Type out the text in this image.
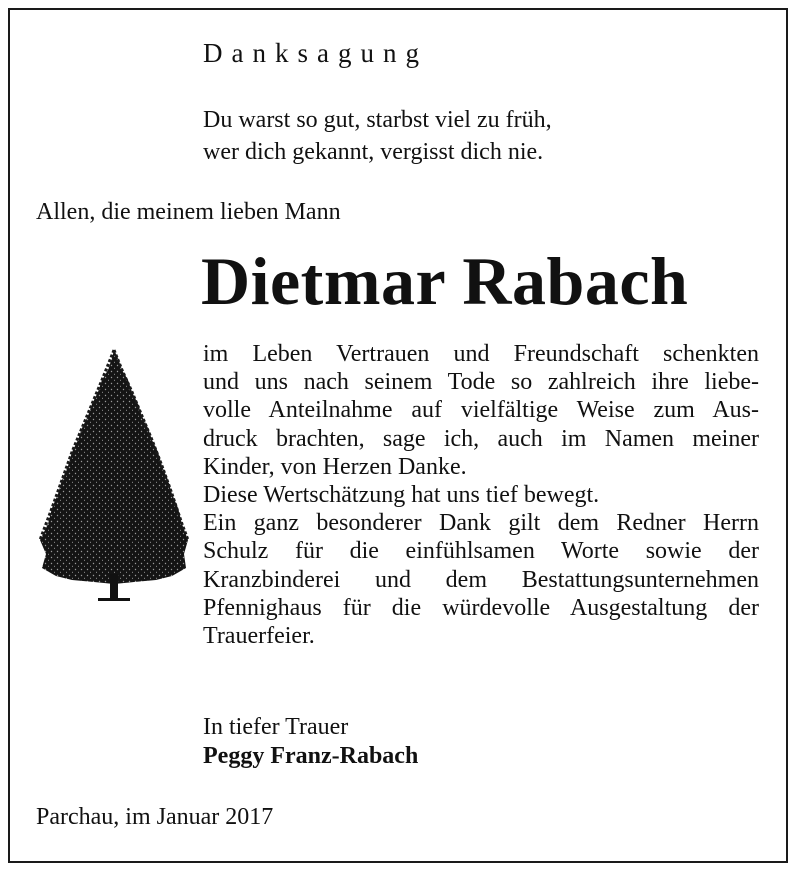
Danksagung
Du warst so gut, starbst viel zu früh,
wer dich gekannt, vergisst dich nie.
Allen, die meinem lieben Mann
Dietmar Rabach
im Leben Vertrauen und Freundschaft schenkten
und uns nach seinem Tode so zahlreich ihre liebe-
volle Anteilnahme auf vielfältige Weise zum Aus-
druck brachten, sage ich, auch im Namen meiner
Kinder, von Herzen Danke.
Diese Wertschätzung hat uns tief bewegt.
Ein ganz besonderer Dank gilt dem Redner Herrn
Schulz für die einfühlsamen Worte sowie der
Kranzbinderei und dem Bestattungsunternehmen
Pfennighaus für die würdevolle Ausgestaltung der
Trauerfeier.
In tiefer Trauer
Peggy Franz-Rabach
Parchau, im Januar 2017
